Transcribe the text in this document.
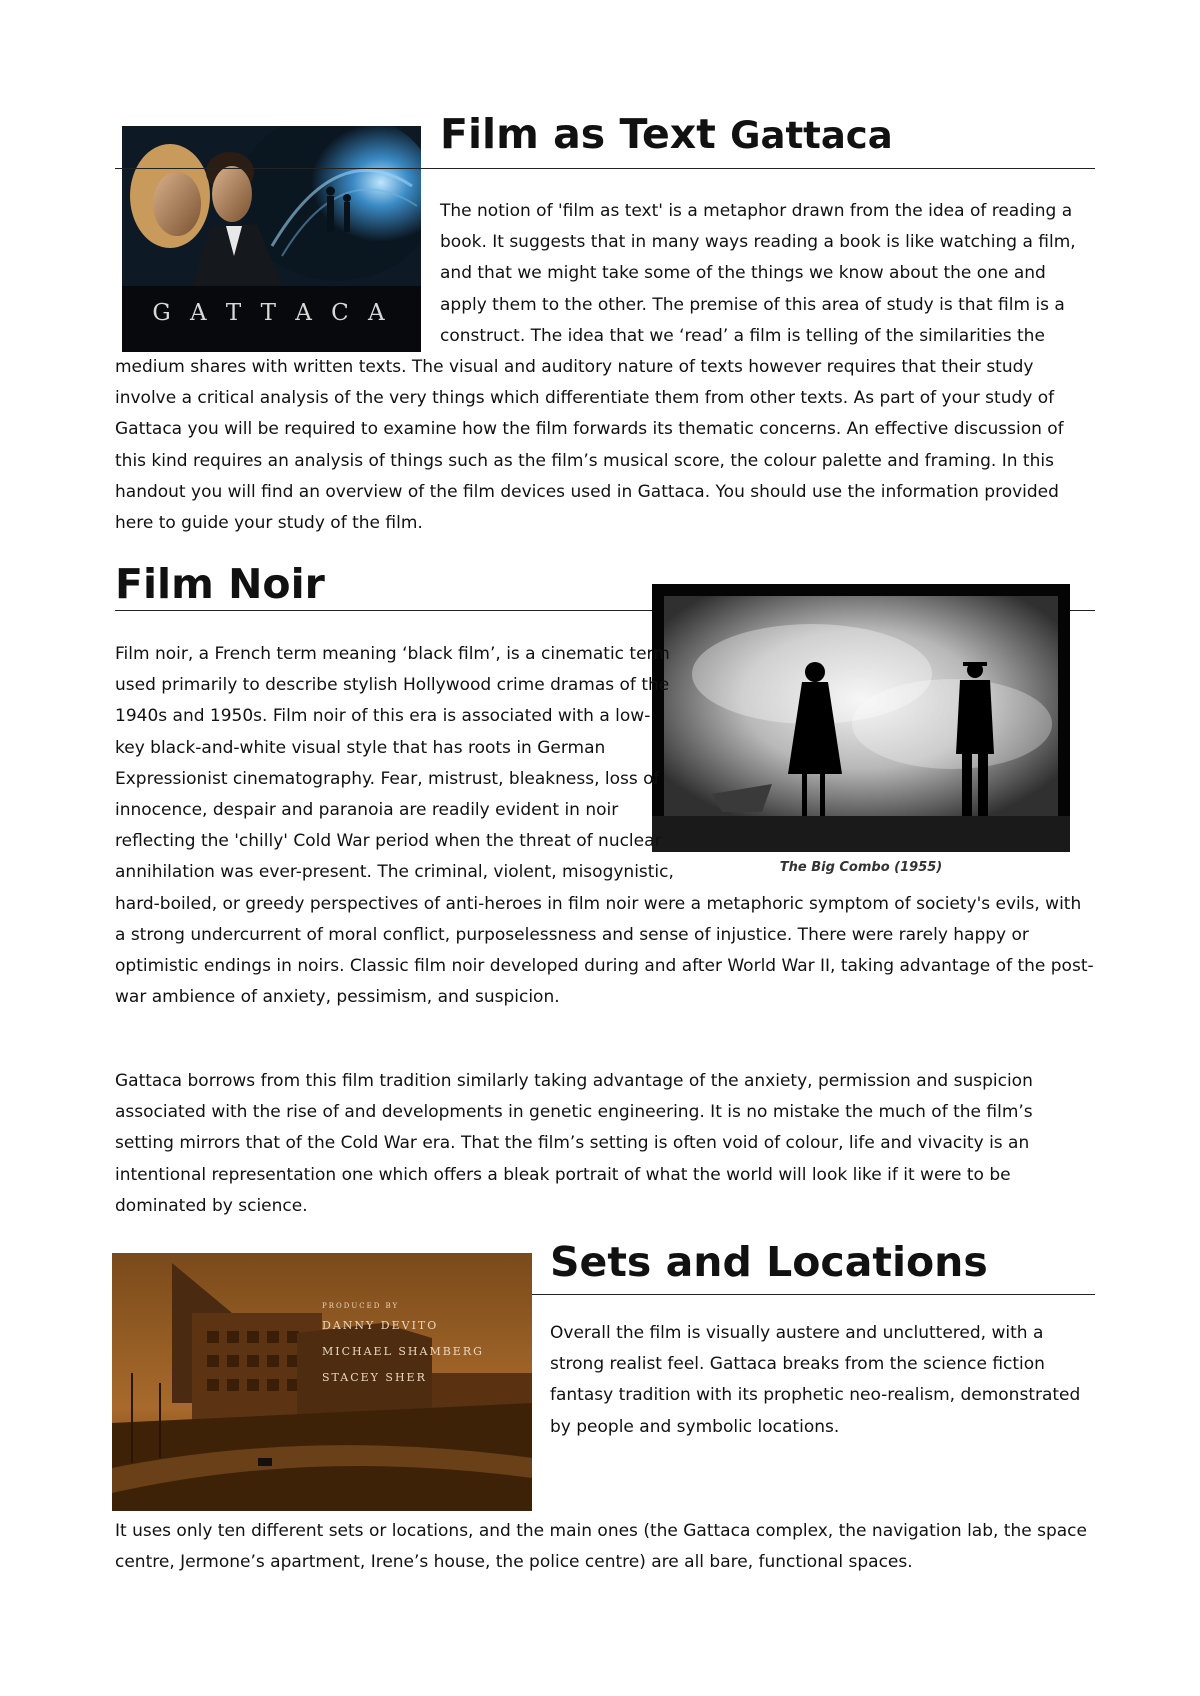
G A T T A C A
Film as Text Gattaca
The notion of 'film as text' is a metaphor drawn from the idea of reading a book. It suggests that in many ways reading a book is like watching a film, and that we might take some of the things we know about the one and apply them to the other. The premise of this area of study is that film is a construct. The idea that we ‘read’ a film is telling of the similarities the medium shares with written texts. The visual and auditory nature of texts however requires that their study involve a critical analysis of the very things which differentiate them from other texts. As part of your study of Gattaca you will be required to examine how the film forwards its thematic concerns. An effective discussion of this kind requires an analysis of things such as the film’s musical score, the colour palette and framing. In this handout you will find an overview of the film devices used in Gattaca. You should use the information provided here to guide your study of the film.
Film Noir
The Big Combo (1955)
Film noir, a French term meaning ‘black film’, is a cinematic term used primarily to describe stylish Hollywood crime dramas of the 1940s and 1950s. Film noir of this era is associated with a low-key black-and-white visual style that has roots in German Expressionist cinematography. Fear, mistrust, bleakness, loss of innocence, despair and paranoia are readily evident in noir reflecting the 'chilly' Cold War period when the threat of nuclear annihilation was ever-present. The criminal, violent, misogynistic, hard-boiled, or greedy perspectives of anti-heroes in film noir were a metaphoric symptom of society's evils, with a strong undercurrent of moral conflict, purposelessness and sense of injustice. There were rarely happy or optimistic endings in noirs. Classic film noir developed during and after World War II, taking advantage of the post-war ambience of anxiety, pessimism, and suspicion.

Gattaca borrows from this film tradition similarly taking advantage of the anxiety, permission and suspicion associated with the rise of and developments in genetic engineering. It is no mistake the much of the film’s setting mirrors that of the Cold War era. That the film’s setting is often void of colour, life and vivacity is an intentional representation one which offers a bleak portrait of what the world will look like if it were to be dominated by science.

PRODUCED BY
DANNY DEVITO
MICHAEL SHAMBERG
STACEY SHER
Sets and Locations

Overall the film is visually austere and uncluttered, with a strong realist feel. Gattaca breaks from the science fiction fantasy tradition with its prophetic neo-realism, demonstrated by people and symbolic locations.

It uses only ten different sets or locations, and the main ones (the Gattaca complex, the navigation lab, the space centre, Jermone’s apartment, Irene’s house, the police centre) are all bare, functional spaces.
